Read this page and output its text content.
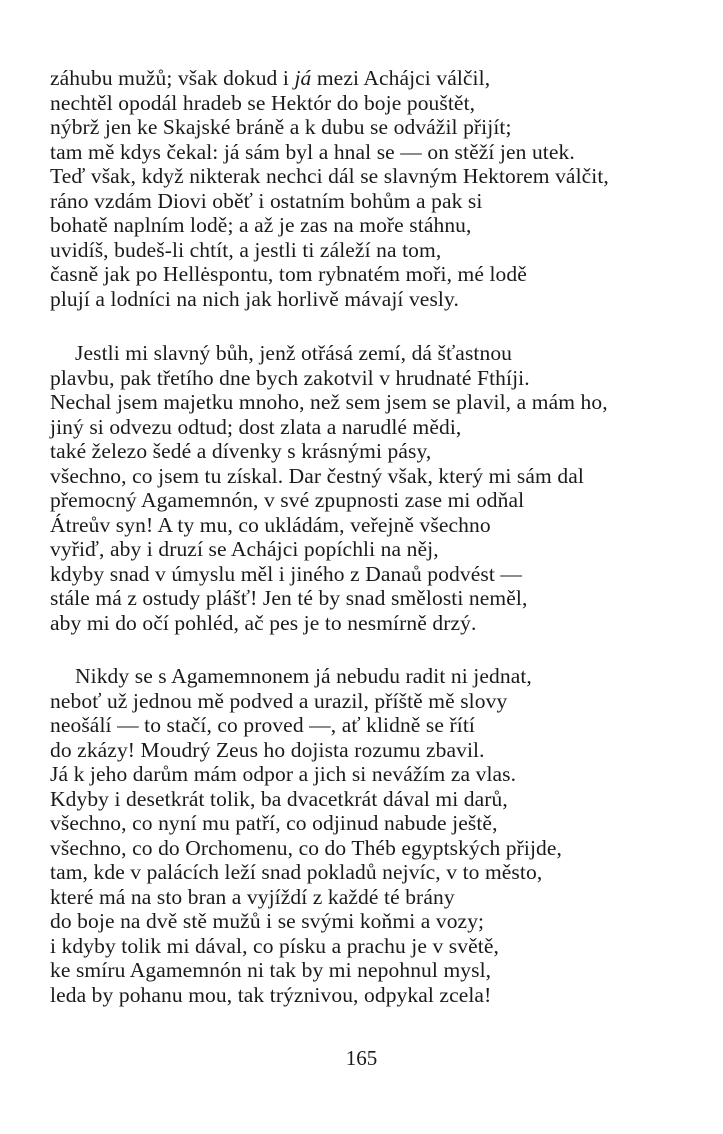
záhubu mužů; však dokud i já mezi Achájci válčil,
nechtěl opodál hradeb se Hektór do boje pouštět,
nýbrž jen ke Skajské bráně a k dubu se odvážil přijít;
tam mě kdys čekal: já sám byl a hnal se — on stěží jen utek.
Teď však, když nikterak nechci dál se slavným Hektorem válčit,
ráno vzdám Diovi oběť i ostatním bohům a pak si
bohatě naplním lodě; a až je zas na moře stáhnu,
uvidíš, budeš-li chtít, a jestli ti záleží na tom,
časně jak po Hellėspontu, tom rybnatém moři, mé lodě
plují a lodníci na nich jak horlivě mávají vesly.
Jestli mi slavný bůh, jenž otřásá zemí, dá šťastnou
plavbu, pak třetího dne bych zakotvil v hrudnaté Fthíji.
Nechal jsem majetku mnoho, než sem jsem se plavil, a mám ho,
jiný si odvezu odtud; dost zlata a narudlé mědi,
také železo šedé a dívenky s krásnými pásy,
všechno, co jsem tu získal. Dar čestný však, který mi sám dal
přemocný Agamemnón, v své zpupnosti zase mi odňal
Átreův syn! A ty mu, co ukládám, veřejně všechno
vyřiď, aby i druzí se Achájci popíchli na něj,
kdyby snad v úmyslu měl i jiného z Danaů podvést —
stále má z ostudy plášť! Jen té by snad smělosti neměl,
aby mi do očí pohléd, ač pes je to nesmírně drzý.
Nikdy se s Agamemnonem já nebudu radit ni jednat,
neboť už jednou mě podved a urazil, příště mě slovy
neošálí — to stačí, co proved —, ať klidně se řítí
do zkázy! Moudrý Zeus ho dojista rozumu zbavil.
Já k jeho darům mám odpor a jich si nevážím za vlas.
Kdyby i desetkrát tolik, ba dvacetkrát dával mi darů,
všechno, co nyní mu patří, co odjinud nabude ještě,
všechno, co do Orchomenu, co do Théb egyptských přijde,
tam, kde v palácích leží snad pokladů nejvíc, v to město,
které má na sto bran a vyjíždí z každé té brány
do boje na dvě stě mužů i se svými koňmi a vozy;
i kdyby tolik mi dával, co písku a prachu je v světě,
ke smíru Agamemnón ni tak by mi nepohnul mysl,
leda by pohanu mou, tak trýznivou, odpykal zcela!
165
